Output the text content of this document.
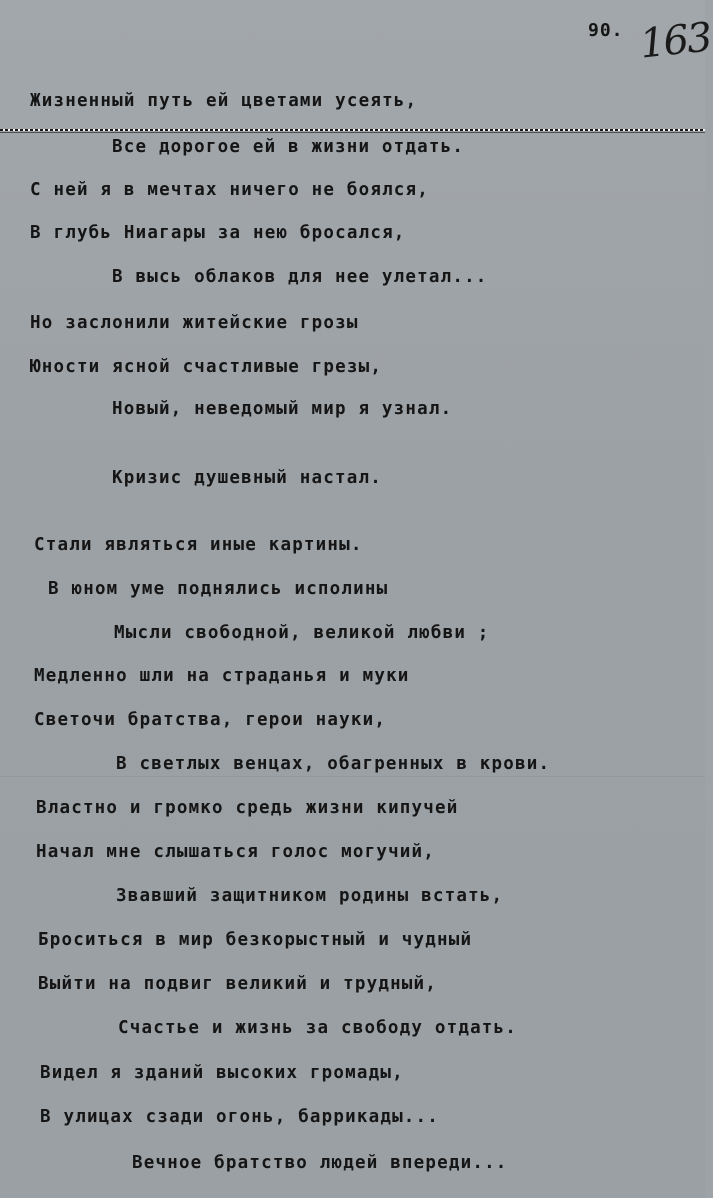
90. 163
Жизненный путь ей цветами усеять,
Все дорогое ей в жизни отдать.
С ней я в мечтах ничего не боялся,
В глубь Ниагары за нею бросался,
В высь облаков для нее улетал...
Но заслонили житейские грозы
Юности ясной счастливые грезы,
Новый, неведомый мир я узнал.
Кризис душевный настал.
Стали являться иные картины.
В юном уме поднялись исполины
Мысли свободной, великой любви ;
Медленно шли на страданья и муки
Светочи братства, герои науки,
В светлых венцах, обагренных в крови.
Властно и громко средь жизни кипучей
Начал мне слышаться голос могучий,
Звавший защитником родины встать,
Броситься в мир безкорыстный и чудный
Выйти на подвиг великий и трудный,
Счастье и жизнь за свободу отдать.
Видел я зданий высоких громады,
В улицах сзади огонь, баррикады...
Вечное братство людей впереди...
